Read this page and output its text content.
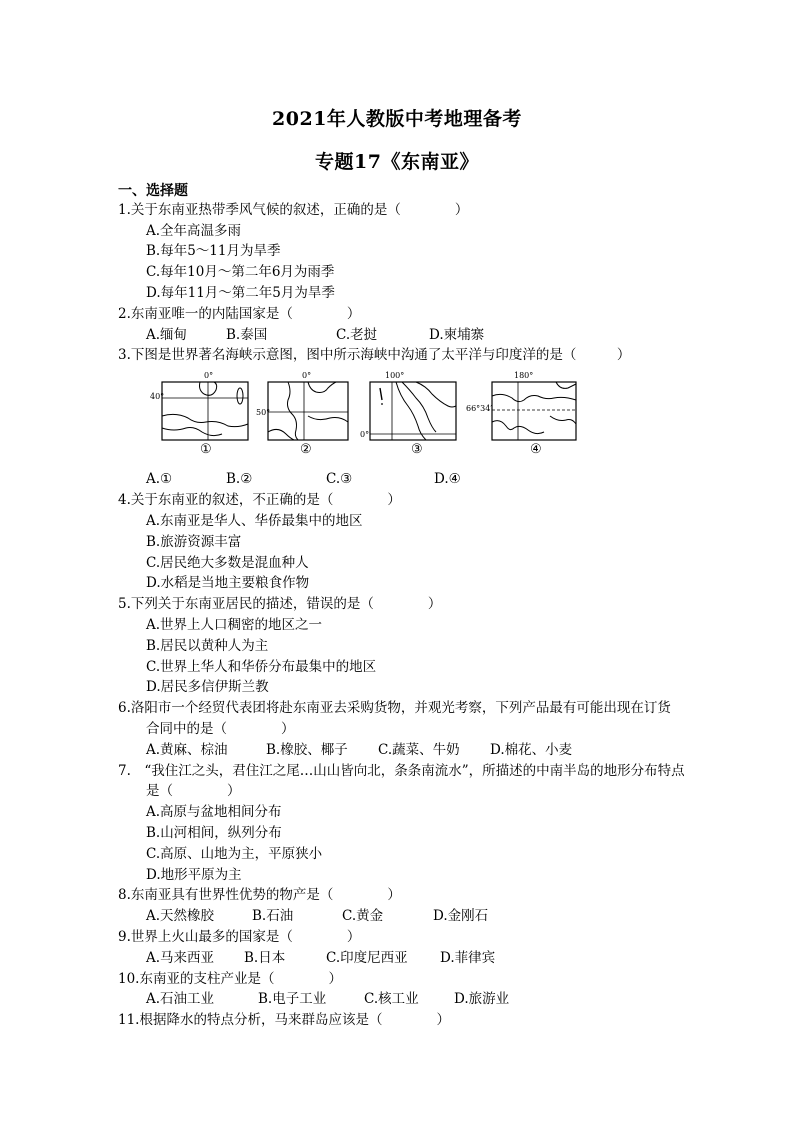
2021年人教版中考地理备考
专题17《东南亚》
一、选择题
1.关于东南亚热带季风气候的叙述，正确的是（　　　　）
A.全年高温多雨
B.每年5～11月为旱季
C.每年10月～第二年6月为雨季
D.每年11月～第二年5月为旱季
2.东南亚唯一的内陆国家是（　　　　）
A.缅甸	B.泰国	C.老挝	D.柬埔寨
3.下图是世界著名海峡示意图，图中所示海峡中沟通了太平洋与印度洋的是（　　　）
0°
40°
0°
50°
100°
0°
180°
66°34′
①	②	③	④
A.①	B.②	C.③	D.④
4.关于东南亚的叙述，不正确的是（　　　　）
A.东南亚是华人、华侨最集中的地区
B.旅游资源丰富
C.居民绝大多数是混血种人
D.水稻是当地主要粮食作物
5.下列关于东南亚居民的描述，错误的是（　　　　）
A.世界上人口稠密的地区之一
B.居民以黄种人为主
C.世界上华人和华侨分布最集中的地区
D.居民多信伊斯兰教
6.洛阳市一个经贸代表团将赴东南亚去采购货物，并观光考察，下列产品最有可能出现在订货
合同中的是（　　　　）
A.黄麻、棕油	B.橡胶、椰子 C.蔬菜、牛奶 D.棉花、小麦
7.　“我住江之头，君住江之尾…山山皆向北，条条南流水”，所描述的中南半岛的地形分布特点
是（　　　　）
A.高原与盆地相间分布
B.山河相间，纵列分布
C.高原、山地为主，平原狭小
D.地形平原为主
8.东南亚具有世界性优势的物产是（　　　　）
A.天然橡胶	B.石油	C.黄金	D.金刚石
9.世界上火山最多的国家是（　　　　）
A.马来西亚 B.日本	C.印度尼西亚 D.菲律宾
10.东南亚的支柱产业是（　　　　）
A.石油工业	B.电子工业	C.核工业	D.旅游业
11.根据降水的特点分析，马来群岛应该是（　　　　）
